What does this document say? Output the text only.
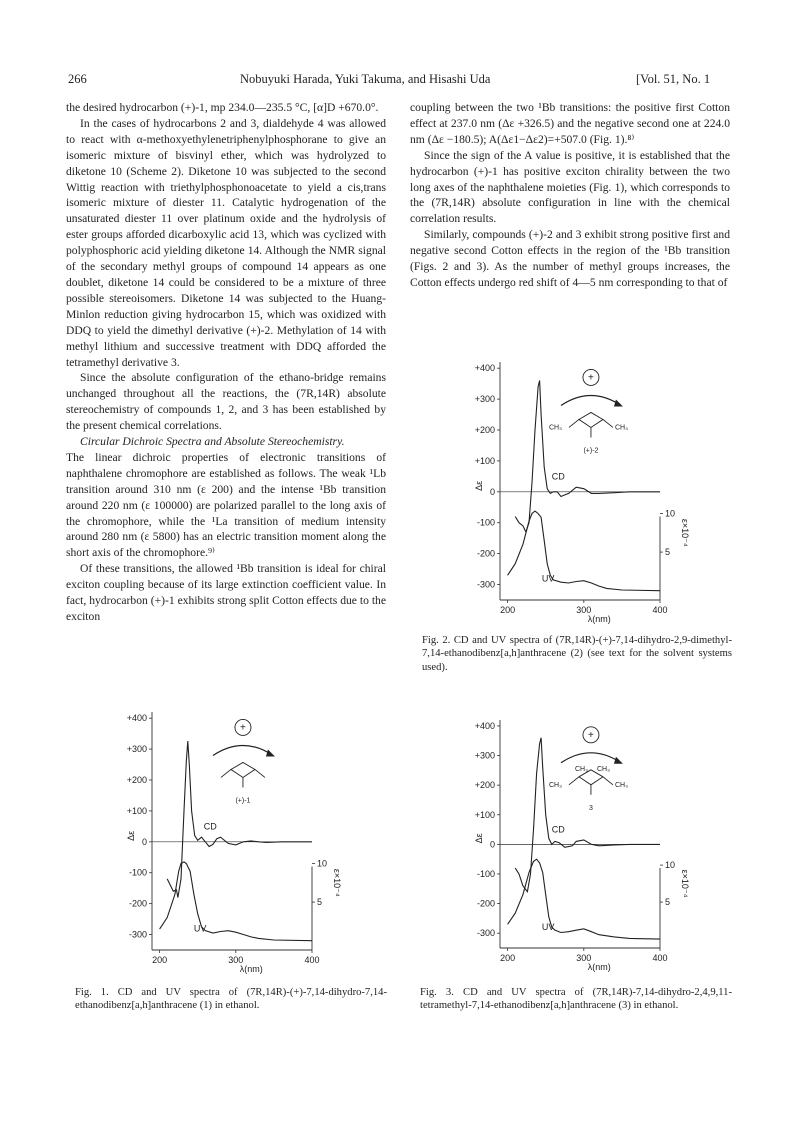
266	Nobuyuki Harada, Yuki Takuma, and Hisashi Uda	[Vol. 51, No. 1

the desired hydrocarbon (+)-1, mp 234.0—235.5 °C, [α]D +670.0°.

In the cases of hydrocarbons 2 and 3, dialdehyde 4 was allowed to react with α-methoxyethylenetriphenylphosphorane to give an isomeric mixture of bisvinyl ether, which was hydrolyzed to diketone 10 (Scheme 2). Diketone 10 was subjected to the second Wittig reaction with triethylphosphonoacetate to yield a cis,trans isomeric mixture of diester 11. Catalytic hydrogenation of the unsaturated diester 11 over platinum oxide and the hydrolysis of ester groups afforded dicarboxylic acid 13, which was cyclized with polyphosphoric acid yielding diketone 14. Although the NMR signal of the secondary methyl groups of compound 14 appears as one doublet, diketone 14 could be considered to be a mixture of three possible stereoisomers. Diketone 14 was subjected to the Huang-Minlon reduction giving hydrocarbon 15, which was oxidized with DDQ to yield the dimethyl derivative (+)-2. Methylation of 14 with methyl lithium and successive treatment with DDQ afforded the tetramethyl derivative 3.

Since the absolute configuration of the ethano-bridge remains unchanged throughout all the reactions, the (7R,14R) absolute stereochemistry of compounds 1, 2, and 3 has been established by the present chemical correlations.

Circular Dichroic Spectra and Absolute Stereochemistry.

The linear dichroic properties of electronic transitions of naphthalene chromophore are established as follows. The weak ¹Lb transition around 310 nm (ε 200) and the intense ¹Bb transition around 220 nm (ε 100000) are polarized parallel to the long axis of the chromophore, while the ¹La transition of medium intensity around 280 nm (ε 5800) has an electric transition moment along the short axis of the chromophore.⁹⁾

Of these transitions, the allowed ¹Bb transition is ideal for chiral exciton coupling because of its large extinction coefficient value. In fact, hydrocarbon (+)-1 exhibits strong split Cotton effects due to the exciton

coupling between the two ¹Bb transitions: the positive first Cotton effect at 237.0 nm (Δε +326.5) and the negative second one at 224.0 nm (Δε −180.5); A(Δε1−Δε2)=+507.0 (Fig. 1).⁸⁾

Since the sign of the A value is positive, it is established that the hydrocarbon (+)-1 has positive exciton chirality between the two long axes of the naphthalene moieties (Fig. 1), which corresponds to the (7R,14R) absolute configuration in line with the chemical correlation results.

Similarly, compounds (+)-2 and 3 exhibit strong positive first and negative second Cotton effects in the region of the ¹Bb transition (Figs. 2 and 3). As the number of methyl groups increases, the Cotton effects undergo red shift of 4—5 nm corresponding to that of

+400
+300
+200
+100
0
-100
-200
-300
200	300	400
λ(nm)
Δε
10
5
ε×10⁻⁴
CD
UV
+
CH₃	CH₃
(+)-2
Fig. 2. CD and UV spectra of (7R,14R)-(+)-7,14-dihydro-2,9-dimethyl-7,14-ethanodibenz[a,h]anthracene (2) (see text for the solvent systems used).
+400
+300
+200
+100
0
-100
-200
-300
200	300	400
λ(nm)
Δε
10
5
ε×10⁻⁴
CD
UV
+
(+)-1
Fig. 1. CD and UV spectra of (7R,14R)-(+)-7,14-dihydro-7,14-ethanodibenz[a,h]anthracene (1) in ethanol.
+400
+300
+200
+100
0
-100
-200
-300
200	300	400
λ(nm)
Δε
10
5
ε×10⁻⁴
CD
UV
+
CH₃	CH₃
CH₃ CH₃
3
Fig. 3. CD and UV spectra of (7R,14R)-7,14-dihydro-2,4,9,11-tetramethyl-7,14-ethanodibenz[a,h]anthracene (3) in ethanol.
